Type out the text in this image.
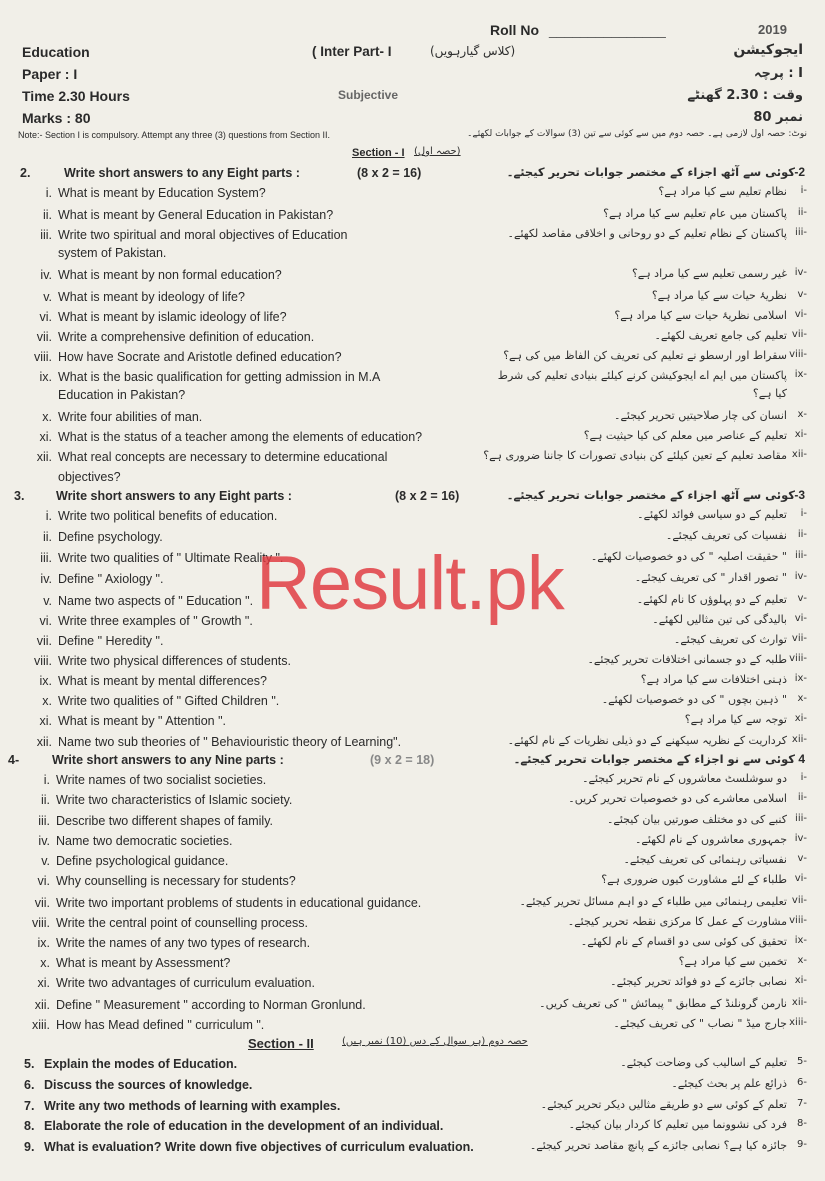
Roll No _______________	2019
Education	( Inter Part- I	(کلاس گیارہویں)	ایجوکیشن
Paper : I	I : پرچہ
Time 2.30 Hours	Subjective	وقت : 2.30 گھنٹے
Marks : 80	نمبر 80
Note:- Section I is compulsory. Attempt any three (3) questions from Section II.	نوٹ: حصہ اول لازمی ہے۔ حصہ دوم میں سے کوئی سے تین (3) سوالات کے جوابات لکھئے۔
Section - I (حصہ اول)
2.	Write short answers to any Eight parts :	(8 x 2 = 16)	کوئی سے آٹھ اجزاء کے مختصر جوابات تحریر کیجئے۔ -2
i. What is meant by Education System?	نظام تعلیم سے کیا مراد ہے؟ -i
ii. What is meant by General Education in Pakistan?	پاکستان میں عام تعلیم سے کیا مراد ہے؟ -ii
iii. Write two spiritual and moral objectives of Education
system of Pakistan.
پاکستان کے نظام تعلیم کے دو روحانی و اخلاقی مقاصد لکھئے۔ -iii
iv. What is meant by non formal education?	غیر رسمی تعلیم سے کیا مراد ہے؟ -iv
v. What is meant by ideology of life?	نظریۂ حیات سے کیا مراد ہے؟ -v
vi. What is meant by islamic ideology of life?	اسلامی نظریۂ حیات سے کیا مراد ہے؟ -vi
vii. Write a comprehensive definition of education.	تعلیم کی جامع تعریف لکھئے۔ -vii
viii. How have Socrate and Aristotle defined education?	سقراط اور ارسطو نے تعلیم کی تعریف کن الفاظ میں کی ہے؟ -viii
ix. What is the basic qualification for getting admission in M.A
Education in Pakistan?
پاکستان میں ایم اے ایجوکیشن کرنے کیلئے بنیادی تعلیم کی شرط
کیا ہے؟
-ix
x. Write four abilities of man.	انسان کی چار صلاحیتیں تحریر کیجئے۔ -x
xi. What is the status of a teacher among the elements of education?	تعلیم کے عناصر میں معلم کی کیا حیثیت ہے؟ -xi
xii. What real concepts are necessary to determine educational
objectives?
مقاصد تعلیم کے تعین کیلئے کن بنیادی تصورات کا جاننا ضروری ہے؟ -xii
3.	Write short answers to any Eight parts :	(8 x 2 = 16)	کوئی سے آٹھ اجزاء کے مختصر جوابات تحریر کیجئے۔ -3
i. Write two political benefits of education.	تعلیم کے دو سیاسی فوائد لکھئے۔ -i
ii. Define psychology.	نفسیات کی تعریف کیجئے۔ -ii
iii. Write two qualities of " Ultimate Reality ".	" حقیقت اصلیہ " کی دو خصوصیات لکھئے۔ -iii
iv. Define " Axiology ".	" تصور اقدار " کی تعریف کیجئے۔ -iv
v. Name two aspects of " Education ".	تعلیم کے دو پہلوؤں کا نام لکھئے۔ -v
vi. Write three examples of " Growth ".	بالیدگی کی تین مثالیں لکھئے۔ -vi
vii. Define " Heredity ".	توارث کی تعریف کیجئے۔ -vii
viii. Write two physical differences of students.	طلبہ کے دو جسمانی اختلافات تحریر کیجئے۔ -viii
ix. What is meant by mental differences?	ذہنی اختلافات سے کیا مراد ہے؟ -ix
x. Write two qualities of " Gifted Children ".	" ذہین بچوں " کی دو خصوصیات لکھئے۔ -x
xi. What is meant by " Attention ".	توجہ سے کیا مراد ہے؟ -xi
xii. Name two sub theories of " Behaviouristic theory of Learning".	کرداریت کے نظریہ سیکھنے کے دو ذیلی نظریات کے نام لکھئے۔ -xii
4-	Write short answers to any Nine parts :	(9 x 2 = 18)	کوئی سے نو اجزاء کے مختصر جوابات تحریر کیجئے۔ 4
i. Write names of two socialist societies.	دو سوشلسٹ معاشروں کے نام تحریر کیجئے۔ -i
ii. Write two characteristics of Islamic society.	اسلامی معاشرے کی دو خصوصیات تحریر کریں۔ -ii
iii. Describe two different shapes of family.	کنبے کی دو مختلف صورتیں بیان کیجئے۔ -iii
iv. Name two democratic societies.	جمہوری معاشروں کے نام لکھئے۔ -iv
v. Define psychological guidance.	نفسیاتی رہنمائی کی تعریف کیجئے۔ -v
vi. Why counselling is necessary for students?	طلباء کے لئے مشاورت کیوں ضروری ہے؟ -vi
vii. Write two important problems of students in educational guidance.	تعلیمی رہنمائی میں طلباء کے دو اہم مسائل تحریر کیجئے۔ -vii
viii. Write the central point of counselling process.	مشاورت کے عمل کا مرکزی نقطہ تحریر کیجئے۔ -viii
ix. Write the names of any two types of research.	تحقیق کی کوئی سی دو اقسام کے نام لکھئے۔ -ix
x. What is meant by Assessment?	تخمین سے کیا مراد ہے؟ -x
xi. Write two advantages of curriculum evaluation.	نصابی جائزے کے دو فوائد تحریر کیجئے۔ -xi
xii. Define " Measurement " according to Norman Gronlund.	نارمن گرونلنڈ کے مطابق " پیمائش " کی تعریف کریں۔ -xii
xiii. How has Mead defined " curriculum ".	جارج میڈ " نصاب " کی تعریف کیجئے۔ -xiii
Section - II	حصہ دوم (ہر سوال کے دس (10) نمبر ہیں)
5. Explain the modes of Education.	تعلیم کے اسالیب کی وضاحت کیجئے۔ -5
6. Discuss the sources of knowledge.	ذرائع علم پر بحث کیجئے۔ -6
7. Write any two methods of learning with examples.	تعلم کے کوئی سے دو طریقے مثالیں دیکر تحریر کیجئے۔ -7
8. Elaborate the role of education in the development of an individual.	فرد کی نشوونما میں تعلیم کا کردار بیان کیجئے۔ -8
9. What is evaluation? Write down five objectives of curriculum evaluation.	جائزہ کیا ہے؟ نصابی جائزے کے پانچ مقاصد تحریر کیجئے۔ -9
Result.pk
